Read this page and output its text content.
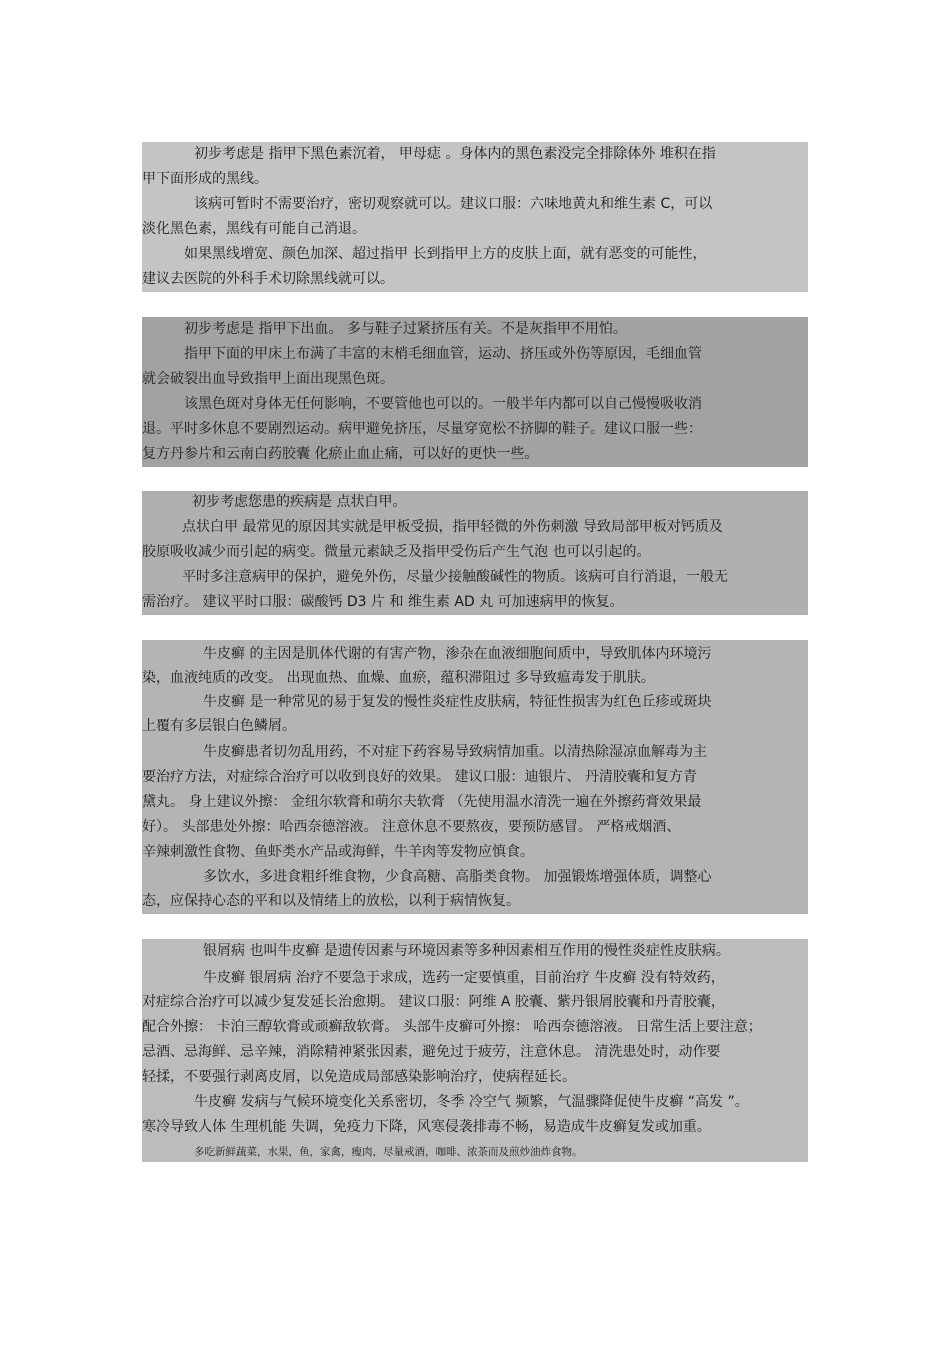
初步考虑是 指甲下黑色素沉着， 甲母痣 。身体内的黑色素没完全排除体外 堆积在指
甲下面形成的黑线。
该病可暂时不需要治疗，密切观察就可以。建议口服：六味地黄丸和维生素 C，可以
淡化黑色素，黑线有可能自己消退。
如果黑线增宽、颜色加深、超过指甲 长到指甲上方的皮肤上面，就有恶变的可能性，
建议去医院的外科手术切除黑线就可以。
初步考虑是 指甲下出血。 多与鞋子过紧挤压有关。不是灰指甲不用怕。
指甲下面的甲床上布满了丰富的末梢毛细血管，运动、挤压或外伤等原因，毛细血管
就会破裂出血导致指甲上面出现黑色斑。
该黑色斑对身体无任何影响，不要管他也可以的。一般半年内都可以自己慢慢吸收消
退。平时多休息不要剧烈运动。病甲避免挤压，尽量穿宽松不挤脚的鞋子。建议口服一些：
复方丹参片和云南白药胶囊 化瘀止血止痛，可以好的更快一些。
初步考虑您患的疾病是 点状白甲。
点状白甲 最常见的原因其实就是甲板受损，指甲轻微的外伤刺激 导致局部甲板对钙质及
胶原吸收减少而引起的病变。微量元素缺乏及指甲受伤后产生气泡 也可以引起的。
平时多注意病甲的保护，避免外伤，尽量少接触酸碱性的物质。该病可自行消退，一般无
需治疗。 建议平时口服：碳酸钙 D3 片 和 维生素 AD 丸 可加速病甲的恢复。
牛皮癣 的主因是肌体代谢的有害产物，渗杂在血液细胞间质中，导致肌体内环境污
染，血液纯质的改变。 出现血热、血燥、血瘀，蕴积滞阻过 多导致瘟毒发于肌肤。
牛皮癣 是一种常见的易于复发的慢性炎症性皮肤病，特征性损害为红色丘疹或斑块
上覆有多层银白色鳞屑。
牛皮癣患者切勿乱用药，不对症下药容易导致病情加重。以清热除湿凉血解毒为主
要治疗方法，对症综合治疗可以收到良好的效果。 建议口服：迪银片、 丹清胶囊和复方青
黛丸。 身上建议外擦： 金纽尔软膏和萌尔夫软膏 （先使用温水清洗一遍在外擦药膏效果最
好）。 头部患处外擦：哈西奈德溶液。 注意休息不要熬夜，要预防感冒。 严格戒烟酒、
辛辣刺激性食物、鱼虾类水产品或海鲜，牛羊肉等发物应慎食。
多饮水，多进食粗纤维食物，少食高糖、高脂类食物。 加强锻炼增强体质，调整心
态，应保持心态的平和以及情绪上的放松，以利于病情恢复。
银屑病 也叫牛皮癣 是遗传因素与环境因素等多种因素相互作用的慢性炎症性皮肤病。
牛皮癣 银屑病 治疗不要急于求成，选药一定要慎重，目前治疗 牛皮癣 没有特效药，
对症综合治疗可以减少复发延长治愈期。 建议口服：阿维 A 胶囊、紫丹银屑胶囊和丹青胶囊，
配合外擦： 卡泊三醇软膏或顽癣敌软膏。 头部牛皮癣可外擦： 哈西奈德溶液。 日常生活上要注意；
忌酒、忌海鲜、忌辛辣，消除精神紧张因素，避免过于疲劳，注意休息。 清洗患处时，动作要
轻揉，不要强行剥离皮屑，以免造成局部感染影响治疗，使病程延长。
牛皮癣 发病与气候环境变化关系密切，冬季 冷空气 频繁，气温骤降促使牛皮癣 “高发 ”。
寒冷导致人体 生理机能 失调，免疫力下降，风寒侵袭排毒不畅，易造成牛皮癣复发或加重。
多吃新鲜蔬菜，水果，鱼，家禽，瘦肉，尽量戒酒，咖啡、浓茶而及煎炒油炸食物。
